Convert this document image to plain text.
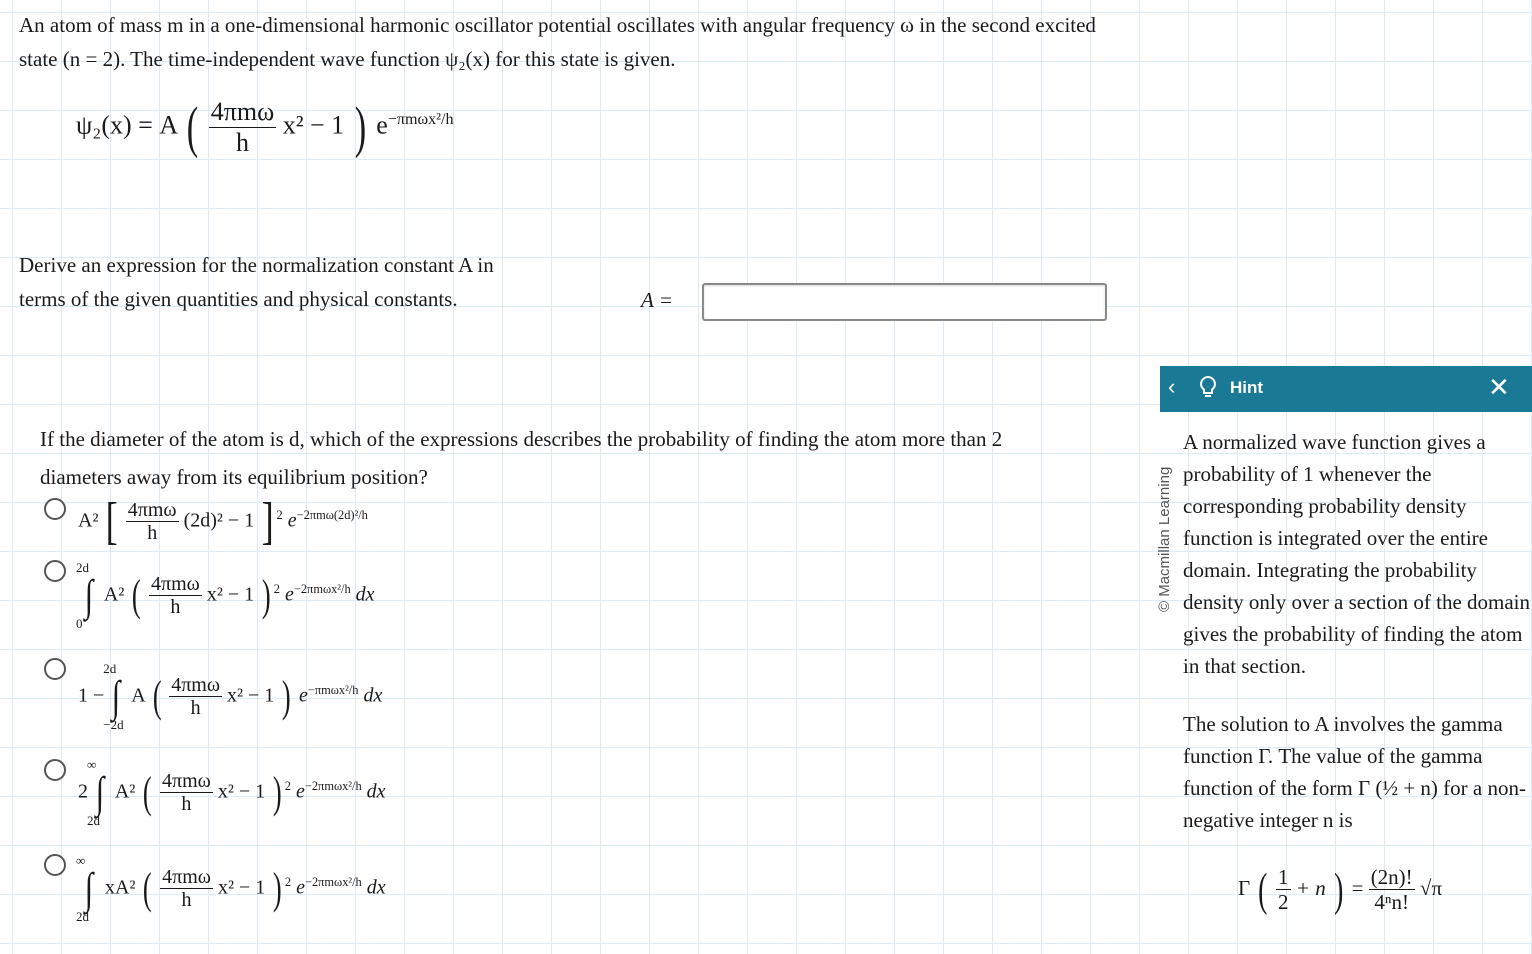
An atom of mass m in a one-dimensional harmonic oscillator potential oscillates with angular frequency ω in the second excited
state (n = 2). The time-independent wave function ψ₂(x) for this state is given.
ψ₂(x) = A ( $\frac{\text{4πmω}}{h} x^2 - 1$ ) $e^{-\pi m\omega x^2/h}$
Derive an expression for the normalization constant A in
terms of the given quantities and physical constants.	A =
If the diameter of the atom is d, which of the expressions describes the probability of finding the atom more than 2
diameters away from its equilibrium position?
A² [ $\frac{\text{4πmω}}{h} (2d)^2 - 1$ ] $^2$ $e^{-2\pi m\omega(2d)^2/h}$
2d
∫
0
A² ( $\frac{\text{4πmω}}{h} x^2 - 1$ ) $^2$ $e^{-2\pi m\omega x^2/h}$ dx
1 −
2d
∫
−2d
A ( $\frac{\text{4πmω}}{h} x^2 - 1$ ) $e^{-\pi m\omega x^2/h}$ dx
2
∞
∫
2d
A² ( $\frac{\text{4πmω}}{h} x^2 - 1$ ) $^2$ $e^{-2\pi m\omega x^2/h}$ dx
∞
∫
2d
xA² ( $\frac{\text{4πmω}}{h} x^2 - 1$ ) $^2$ $e^{-2\pi m\omega x^2/h}$ dx
‹	Hint	✕
© Macmillan Learning
A normalized wave function gives a probability of 1 whenever the corresponding probability density function is integrated over the entire domain. Integrating the probability density only over a section of the domain gives the probability of finding the atom in that section.
The solution to A involves the gamma function Γ. The value of the gamma function of the form Γ (½ + n) for a non-negative integer n is
Γ ( $\frac{1}{2} + n$ ) = $\frac{(2n)!}{\text{4ⁿn!}} √\pi$
